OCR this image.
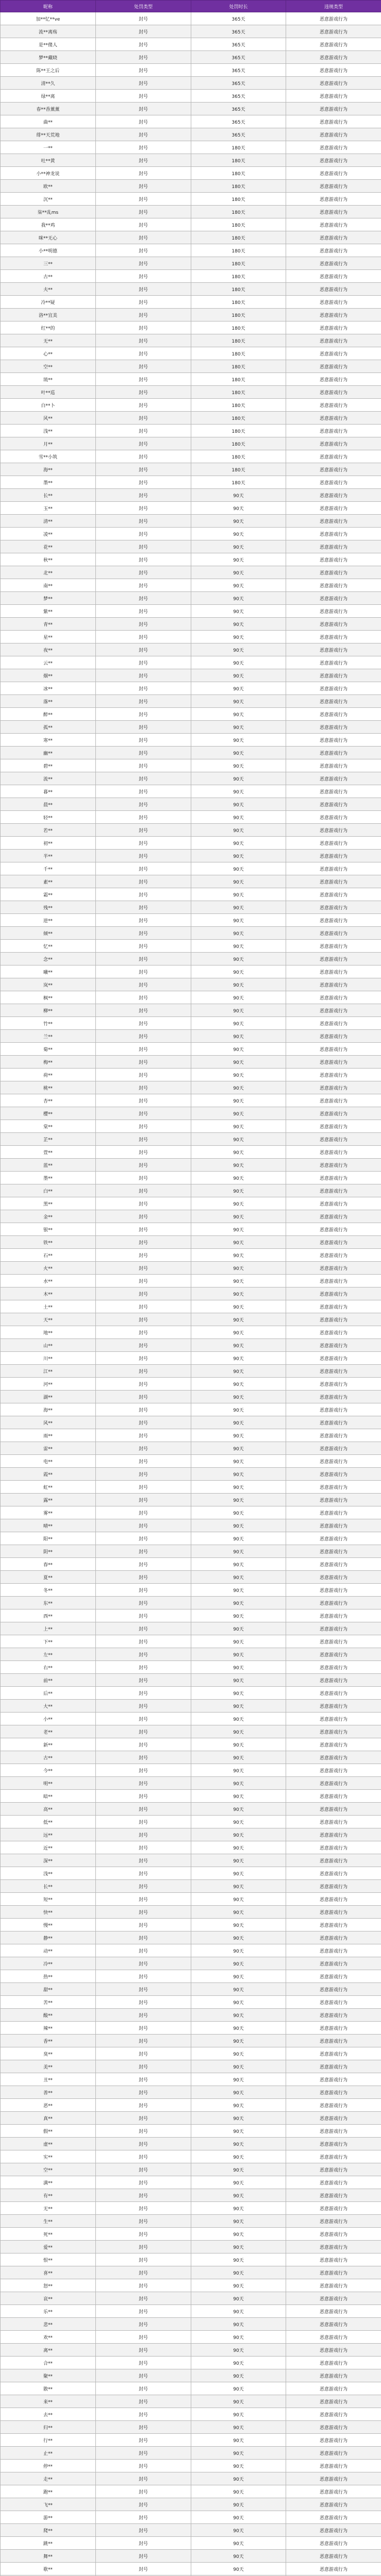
昵称	处罚类型	处罚时长	违规类型
加**忆**ve	封号	365天	恶意游戏行为
流**离殇	封号	365天	恶意游戏行为
是**傻人	封号	365天	恶意游戏行为
梦**藏晓	封号	365天	恶意游戏行为
陈**王之后	封号	365天	恶意游戏行为
清**久	封号	365天	恶意游戏行为
绿**离	封号	365天	恶意游戏行为
春**香薰薰	封号	365天	恶意游戏行为
曲**	封号	365天	恶意游戏行为
绯**天荒地	封号	365天	恶意游戏行为
一**	封号	180天	恶意游戏行为
吐**黄	封号	180天	恶意游戏行为
小**神龙说	封号	180天	恶意游戏行为
欧**	封号	180天	恶意游戏行为
沉**	封号	180天	恶意游戏行为
柒**乱ms	封号	180天	恶意游戏行为
我**鸡	封号	180天	恶意游戏行为
咪**无心	封号	180天	恶意游戏行为
小**明德	封号	180天	恶意游戏行为
三**	封号	180天	恶意游戏行为
古**	封号	180天	恶意游戏行为
夫**	封号	180天	恶意游戏行为
冷**疑	封号	180天	恶意游戏行为
洛**宜美	封号	180天	恶意游戏行为
红**的	封号	180天	恶意游戏行为
无**	封号	180天	恶意游戏行为
心**	封号	180天	恶意游戏行为
空**	封号	180天	恶意游戏行为
琉**	封号	180天	恶意游戏行为
叶**巡	封号	180天	恶意游戏行为
白**卜	封号	180天	恶意游戏行为
风**	封号	180天	恶意游戏行为
浅**	封号	180天	恶意游戏行为
月**	封号	180天	恶意游戏行为
雪**小筑	封号	180天	恶意游戏行为
海**	封号	180天	恶意游戏行为
墨**	封号	180天	恶意游戏行为
长**	封号	90天	恶意游戏行为
玉**	封号	90天	恶意游戏行为
清**	封号	90天	恶意游戏行为
凌**	封号	90天	恶意游戏行为
花**	封号	90天	恶意游戏行为
秋**	封号	90天	恶意游戏行为
北**	封号	90天	恶意游戏行为
南**	封号	90天	恶意游戏行为
梦**	封号	90天	恶意游戏行为
紫**	封号	90天	恶意游戏行为
青**	封号	90天	恶意游戏行为
星**	封号	90天	恶意游戏行为
夜**	封号	90天	恶意游戏行为
云**	封号	90天	恶意游戏行为
烟**	封号	90天	恶意游戏行为
冰**	封号	90天	恶意游戏行为
落**	封号	90天	恶意游戏行为
醉**	封号	90天	恶意游戏行为
孤**	封号	90天	恶意游戏行为
寒**	封号	90天	恶意游戏行为
幽**	封号	90天	恶意游戏行为
碧**	封号	90天	恶意游戏行为
流**	封号	90天	恶意游戏行为
暮**	封号	90天	恶意游戏行为
晨**	封号	90天	恶意游戏行为
轻**	封号	90天	恶意游戏行为
若**	封号	90天	恶意游戏行为
初**	封号	90天	恶意游戏行为
半**	封号	90天	恶意游戏行为
千**	封号	90天	恶意游戏行为
素**	封号	90天	恶意游戏行为
霜**	封号	90天	恶意游戏行为
残**	封号	90天	恶意游戏行为
逆**	封号	90天	恶意游戏行为
倾**	封号	90天	恶意游戏行为
忆**	封号	90天	恶意游戏行为
念**	封号	90天	恶意游戏行为
曦**	封号	90天	恶意游戏行为
岚**	封号	90天	恶意游戏行为
枫**	封号	90天	恶意游戏行为
柳**	封号	90天	恶意游戏行为
竹**	封号	90天	恶意游戏行为
兰**	封号	90天	恶意游戏行为
菊**	封号	90天	恶意游戏行为
梅**	封号	90天	恶意游戏行为
荷**	封号	90天	恶意游戏行为
桃**	封号	90天	恶意游戏行为
杏**	封号	90天	恶意游戏行为
樱**	封号	90天	恶意游戏行为
棠**	封号	90天	恶意游戏行为
芷**	封号	90天	恶意游戏行为
萱**	封号	90天	恶意游戏行为
蓝**	封号	90天	恶意游戏行为
墨**	封号	90天	恶意游戏行为
白**	封号	90天	恶意游戏行为
黑**	封号	90天	恶意游戏行为
金**	封号	90天	恶意游戏行为
银**	封号	90天	恶意游戏行为
铁**	封号	90天	恶意游戏行为
石**	封号	90天	恶意游戏行为
火**	封号	90天	恶意游戏行为
水**	封号	90天	恶意游戏行为
木**	封号	90天	恶意游戏行为
土**	封号	90天	恶意游戏行为
天**	封号	90天	恶意游戏行为
地**	封号	90天	恶意游戏行为
山**	封号	90天	恶意游戏行为
川**	封号	90天	恶意游戏行为
江**	封号	90天	恶意游戏行为
河**	封号	90天	恶意游戏行为
湖**	封号	90天	恶意游戏行为
海**	封号	90天	恶意游戏行为
风**	封号	90天	恶意游戏行为
雨**	封号	90天	恶意游戏行为
雷**	封号	90天	恶意游戏行为
电**	封号	90天	恶意游戏行为
霞**	封号	90天	恶意游戏行为
虹**	封号	90天	恶意游戏行为
露**	封号	90天	恶意游戏行为
雾**	封号	90天	恶意游戏行为
晴**	封号	90天	恶意游戏行为
阳**	封号	90天	恶意游戏行为
阴**	封号	90天	恶意游戏行为
春**	封号	90天	恶意游戏行为
夏**	封号	90天	恶意游戏行为
冬**	封号	90天	恶意游戏行为
东**	封号	90天	恶意游戏行为
西**	封号	90天	恶意游戏行为
上**	封号	90天	恶意游戏行为
下**	封号	90天	恶意游戏行为
左**	封号	90天	恶意游戏行为
右**	封号	90天	恶意游戏行为
前**	封号	90天	恶意游戏行为
后**	封号	90天	恶意游戏行为
大**	封号	90天	恶意游戏行为
小**	封号	90天	恶意游戏行为
老**	封号	90天	恶意游戏行为
新**	封号	90天	恶意游戏行为
古**	封号	90天	恶意游戏行为
今**	封号	90天	恶意游戏行为
明**	封号	90天	恶意游戏行为
暗**	封号	90天	恶意游戏行为
高**	封号	90天	恶意游戏行为
低**	封号	90天	恶意游戏行为
远**	封号	90天	恶意游戏行为
近**	封号	90天	恶意游戏行为
深**	封号	90天	恶意游戏行为
浅**	封号	90天	恶意游戏行为
长**	封号	90天	恶意游戏行为
短**	封号	90天	恶意游戏行为
快**	封号	90天	恶意游戏行为
慢**	封号	90天	恶意游戏行为
静**	封号	90天	恶意游戏行为
动**	封号	90天	恶意游戏行为
冷**	封号	90天	恶意游戏行为
热**	封号	90天	恶意游戏行为
甜**	封号	90天	恶意游戏行为
苦**	封号	90天	恶意游戏行为
酸**	封号	90天	恶意游戏行为
辣**	封号	90天	恶意游戏行为
香**	封号	90天	恶意游戏行为
臭**	封号	90天	恶意游戏行为
美**	封号	90天	恶意游戏行为
丑**	封号	90天	恶意游戏行为
善**	封号	90天	恶意游戏行为
恶**	封号	90天	恶意游戏行为
真**	封号	90天	恶意游戏行为
假**	封号	90天	恶意游戏行为
虚**	封号	90天	恶意游戏行为
实**	封号	90天	恶意游戏行为
空**	封号	90天	恶意游戏行为
满**	封号	90天	恶意游戏行为
有**	封号	90天	恶意游戏行为
无**	封号	90天	恶意游戏行为
生**	封号	90天	恶意游戏行为
死**	封号	90天	恶意游戏行为
爱**	封号	90天	恶意游戏行为
恨**	封号	90天	恶意游戏行为
喜**	封号	90天	恶意游戏行为
怒**	封号	90天	恶意游戏行为
哀**	封号	90天	恶意游戏行为
乐**	封号	90天	恶意游戏行为
悲**	封号	90天	恶意游戏行为
欢**	封号	90天	恶意游戏行为
离**	封号	90天	恶意游戏行为
合**	封号	90天	恶意游戏行为
聚**	封号	90天	恶意游戏行为
散**	封号	90天	恶意游戏行为
来**	封号	90天	恶意游戏行为
去**	封号	90天	恶意游戏行为
归**	封号	90天	恶意游戏行为
行**	封号	90天	恶意游戏行为
止**	封号	90天	恶意游戏行为
停**	封号	90天	恶意游戏行为
走**	封号	90天	恶意游戏行为
跑**	封号	90天	恶意游戏行为
飞**	封号	90天	恶意游戏行为
游**	封号	90天	恶意游戏行为
爬**	封号	90天	恶意游戏行为
跳**	封号	90天	恶意游戏行为
舞**	封号	90天	恶意游戏行为
歌**	封号	90天	恶意游戏行为
